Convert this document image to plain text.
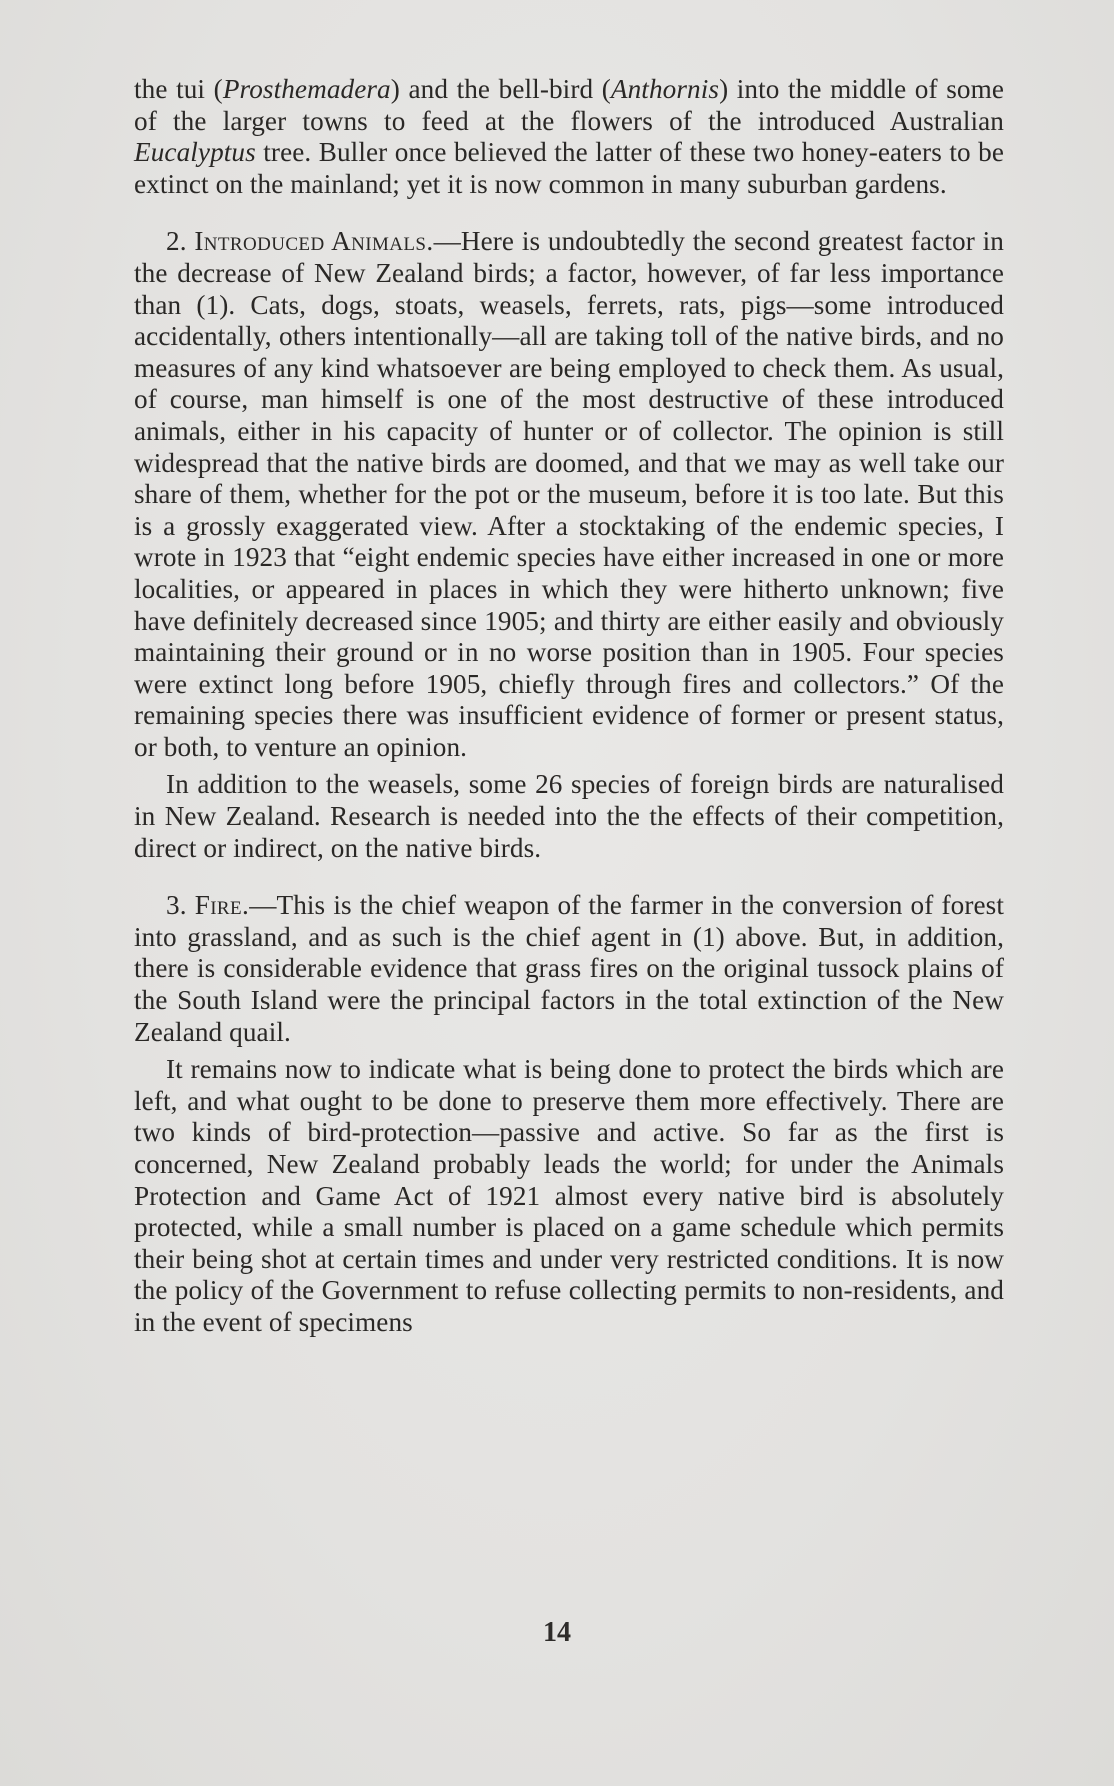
the tui (Prosthemadera) and the bell-bird (Anthornis) into the middle of some of the larger towns to feed at the flowers of the introduced Australian Eucalyptus tree. Buller once believed the latter of these two honey-eaters to be extinct on the mainland; yet it is now common in many suburban gardens.

2. Introduced Animals.—Here is undoubtedly the second greatest factor in the decrease of New Zealand birds; a factor, however, of far less importance than (1). Cats, dogs, stoats, weasels, ferrets, rats, pigs—some introduced accidentally, others intentionally—all are taking toll of the native birds, and no measures of any kind whatsoever are being employed to check them. As usual, of course, man himself is one of the most destructive of these introduced animals, either in his capacity of hunter or of collector. The opinion is still widespread that the native birds are doomed, and that we may as well take our share of them, whether for the pot or the museum, before it is too late. But this is a grossly exaggerated view. After a stocktaking of the endemic species, I wrote in 1923 that “eight endemic species have either increased in one or more localities, or appeared in places in which they were hitherto unknown; five have definitely decreased since 1905; and thirty are either easily and obviously maintaining their ground or in no worse position than in 1905. Four species were extinct long before 1905, chiefly through fires and collectors.” Of the remaining species there was insufficient evidence of former or present status, or both, to venture an opinion.

In addition to the weasels, some 26 species of foreign birds are naturalised in New Zealand. Research is needed into the the effects of their competition, direct or indirect, on the native birds.

3. Fire.—This is the chief weapon of the farmer in the conversion of forest into grassland, and as such is the chief agent in (1) above. But, in addition, there is considerable evidence that grass fires on the original tussock plains of the South Island were the principal factors in the total extinction of the New Zealand quail.

It remains now to indicate what is being done to protect the birds which are left, and what ought to be done to preserve them more effectively. There are two kinds of bird-protection—passive and active. So far as the first is concerned, New Zealand probably leads the world; for under the Animals Protection and Game Act of 1921 almost every native bird is absolutely protected, while a small number is placed on a game schedule which permits their being shot at certain times and under very restricted conditions. It is now the policy of the Government to refuse collecting permits to non-residents, and in the event of specimens

14
